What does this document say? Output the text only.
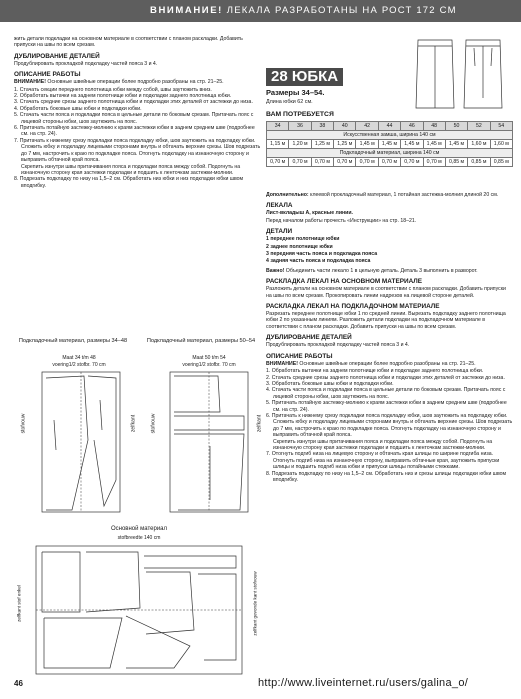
ВНИМАНИЕ! ЛЕКАЛА РАЗРАБОТАНЫ НА РОСТ 172 СМ

жить детали подкладки на основном материале в соответствии с планом раскладки. Добавить припуски на швы по всем срезам.

ДУБЛИРОВАНИЕ ДЕТАЛЕЙ

Продублировать прокладкой подкладку частей пояса 3 и 4.

ОПИСАНИЕ РАБОТЫ

ВНИМАНИЕ! Основные швейные операции более подробно разобраны на стр. 21–25.

1. Стачать секции переднего полотнища юбки между собой, швы заутюжить вниз.
2. Обработать вытачки на заднем полотнище юбки и подкладки заднего полотнища юбки.
3. Стачать средние срезы заднего полотнища юбки и подкладки этих деталей от застежки до низа.
4. Обработать боковые швы юбки и подкладки юбки.
5. Стачать части пояса и подкладки пояса в цельные детали по боковым срезам. Притачать пояс с лицевой стороны юбки, шов заутюжить на пояс.
6. Притачать потайную застежку-молнию к краям застежки юбки в заднем среднем шве (подробнее см. на стр. 24).
7. Притачать к нижнему срезу подкладки пояса подкладку юбки, шов заутюжить на подкладку юбки. Сложить юбку и подкладку лицевыми сторонами внутрь и обтачать верхние срезы. Шов подрезать до 7 мм, настрочить к краю по подкладке пояса. Отогнуть подкладку на изнаночную сторону и выправить обтачной край пояса.
Скрепить изнутри швы притачивания пояса и подкладки пояса между собой. Подогнуть на изнаночную сторону края застежки подкладки и подшить к ленточкам застежки-молнии.
8. Подрезать подкладку по низу на 1,5–2 см. Обработать низ юбки и низ подкладки юбки швом вподгибку.
Подкладочный материал, размеры 34–48	Подкладочный материал, размеры 50–54
Maat 34 t/m 48
voering1/2 stofbr. 70 cm
Maat 50 t/m 54
voering1/2 stofbr. 70 cm
Основной материал
stofbreedte 140 cm
stofvouw	zelfkant	stofvouw	zelfkant
zelfkant stof enkel	zelfkant gevonde kant stofvouw
28 ЮБКА
Размеры 34–54.
Длина юбки 62 см.
ВАМ ПОТРЕБУЕТСЯ
34	36	38	40	42	44	46	48	50	52	54
Искусственная замша, ширина 140 см										
1,15 м	1,20 м	1,25 м	1,25 м	1,45 м	1,45 м	1,45 м	1,45 м	1,45 м	1,60 м	1,60 м
Подкладочный материал, ширина 140 см										
0,70 м	0,70 м	0,70 м	0,70 м	0,70 м	0,70 м	0,70 м	0,70 м	0,85 м	0,85 м	0,85 м

Дополнительно: клеевой прокладочный материал, 1 потайная застежка-молния длиной 20 см.

ЛЕКАЛА

Лист-вкладыш А, красные линии.

Перед началом работы прочесть «Инструкции» на стр. 18–21.

ДЕТАЛИ

1 переднее полотнище юбки

2 заднее полотнище юбки

3 передняя часть пояса и подкладка пояса

4 задняя часть пояса и подкладка пояса

Важно! Объединить части лекало 1 в цельную деталь. Деталь 3 выполнить в разворот.

РАСКЛАДКА ЛЕКАЛ НА ОСНОВНОМ МАТЕРИАЛЕ

Разложить детали на основном материале в соответствии с планом раскладки. Добавить припуски на швы по всем срезам. Прокопировать линии надрезов на лицевой стороне деталей.

РАСКЛАДКА ЛЕКАЛ НА ПОДКЛАДОЧНОМ МАТЕРИАЛЕ

Разрезать переднее полотнище юбки 1 по средней линии. Вырезать подкладку заднего полотнища юбки 2 по указанным линиям. Разложить детали подкладки на подкладочном материале в соответствии с планом раскладки. Добавить припуски на швы по всем срезам.

ДУБЛИРОВАНИЕ ДЕТАЛЕЙ

Продублировать прокладкой подкладку частей пояса 3 и 4.

ОПИСАНИЕ РАБОТЫ

ВНИМАНИЕ! Основные швейные операции более подробно разобраны на стр. 21–25.

1. Обработать вытачки на заднем полотнище юбки и подкладке заднего полотнища юбки.
2. Стачать средние срезы заднего полотнища юбки и подкладки этих деталей от застежки до низа.
3. Обработать боковые швы юбки и подкладки юбки.
4. Стачать части пояса и подкладки пояса в цельные детали по боковым срезам. Притачать пояс с лицевой стороны юбки, шов заутюжить на пояс.
5. Притачать потайную застежку-молнию к краям застежки юбки в заднем среднем шве (подробнее см. на стр. 24).
6. Притачать к нижнему срезу подкладки пояса подкладку юбки, шов заутюжить на подкладку юбки. Сложить юбку и подкладку лицевыми сторонами внутрь и обтачать верхние срезы. Шов подрезать до 7 мм, настрочить к краю по подкладке пояса. Отогнуть подкладку на изнаночную сторону и выправить обтачной край пояса.
Скрепить изнутри швы притачивания пояса и подкладки пояса между собой. Подогнуть на изнаночную сторону края застежки подкладки и подшить к ленточкам застежки-молнии.
7. Отогнуть подгиб низа на лицевую сторону и обтачать края шлицы по ширине подгиба низа. Отогнуть подгиб низа на изнаночную сторону, выправить обтачные края, заутюжить припуски шлицы и подшить подгиб низа юбки и припуски шлицы потайными стежками.
8. Подрезать подкладку по низу на 1,5–2 см. Обработать низ и срезы шлицы подкладки юбки швом вподгибку.
46	http://www.liveinternet.ru/users/galina_o/
